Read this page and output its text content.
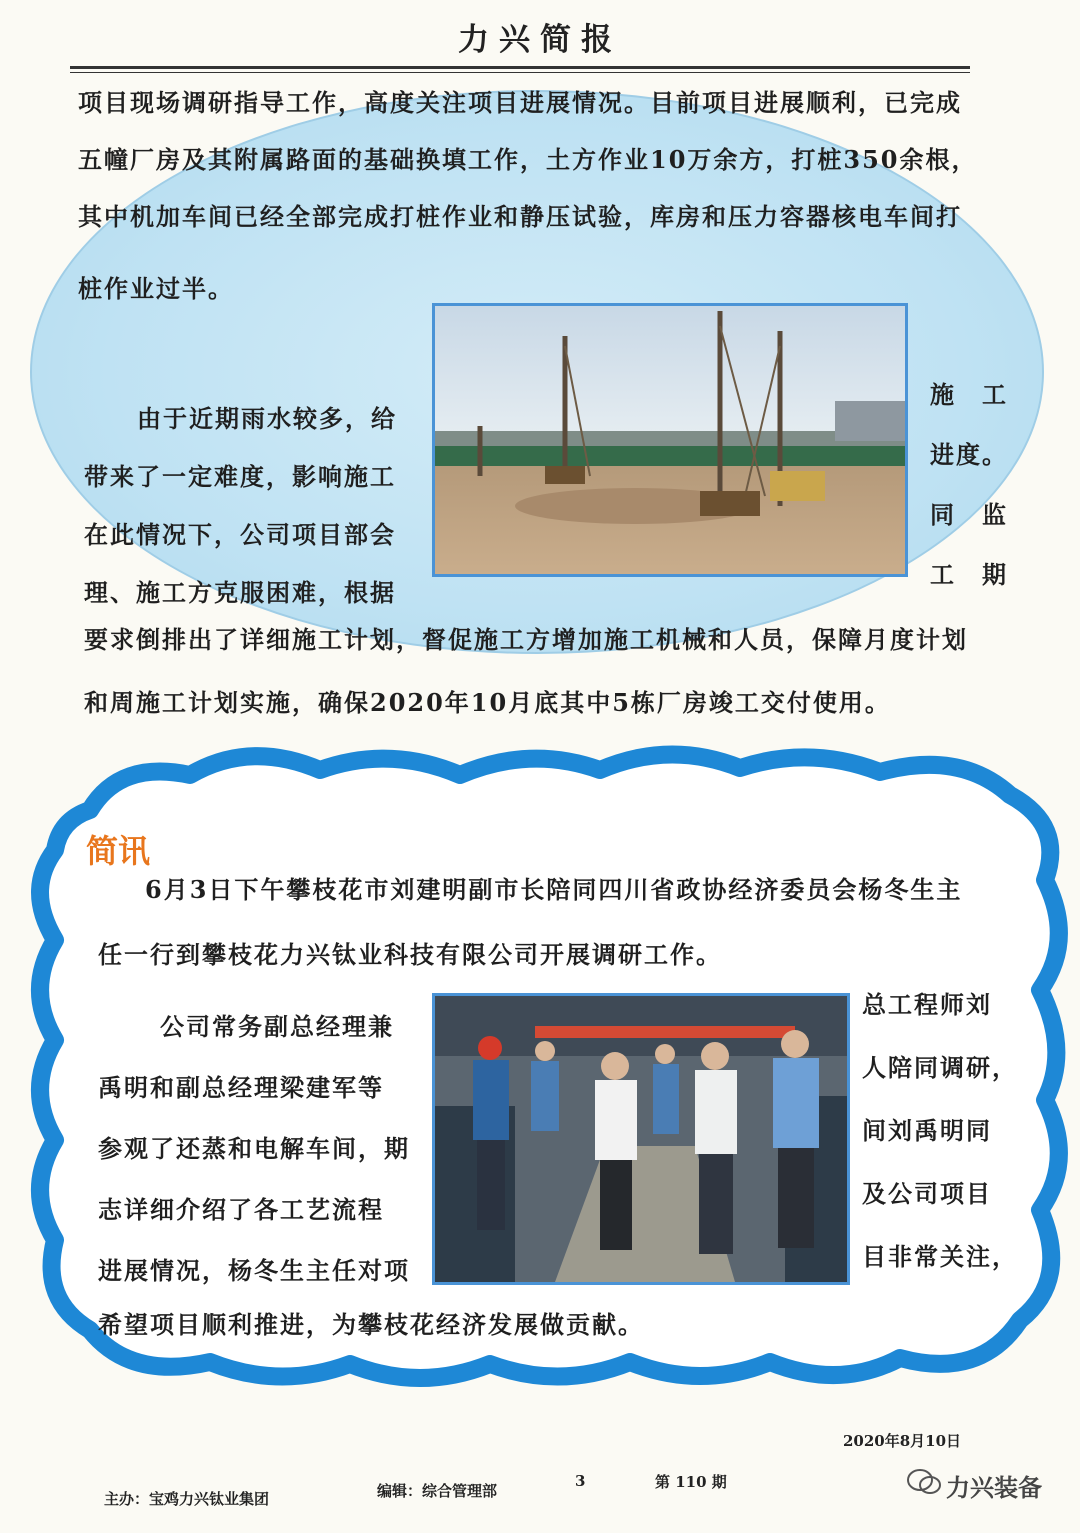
力兴简报
项目现场调研指导工作，高度关注项目进展情况。目前项目进展顺利，已完成
五幢厂房及其附属路面的基础换填工作，土方作业10万余方，打桩350余根，
其中机加车间已经全部完成打桩作业和静压试验，库房和压力容器核电车间打
桩作业过半。
由于近期雨水较多，给
带来了一定难度，影响施工
在此情况下，公司项目部会
理、施工方克服困难，根据
施　工
进度。
同　监
工　期
要求倒排出了详细施工计划，督促施工方增加施工机械和人员，保障月度计划
和周施工计划实施，确保2020年10月底其中5栋厂房竣工交付使用。
简讯
6月3日下午攀枝花市刘建明副市长陪同四川省政协经济委员会杨冬生主
任一行到攀枝花力兴钛业科技有限公司开展调研工作。
公司常务副总经理兼
禹明和副总经理梁建军等
参观了还蒸和电解车间，期
志详细介绍了各工艺流程
进展情况，杨冬生主任对项
总工程师刘
人陪同调研，
间刘禹明同
及公司项目
目非常关注，
希望项目顺利推进，为攀枝花经济发展做贡献。
主办：宝鸡力兴钛业集团	编辑：综合管理部
3	第 110 期
2020年8月10日
力兴装备
